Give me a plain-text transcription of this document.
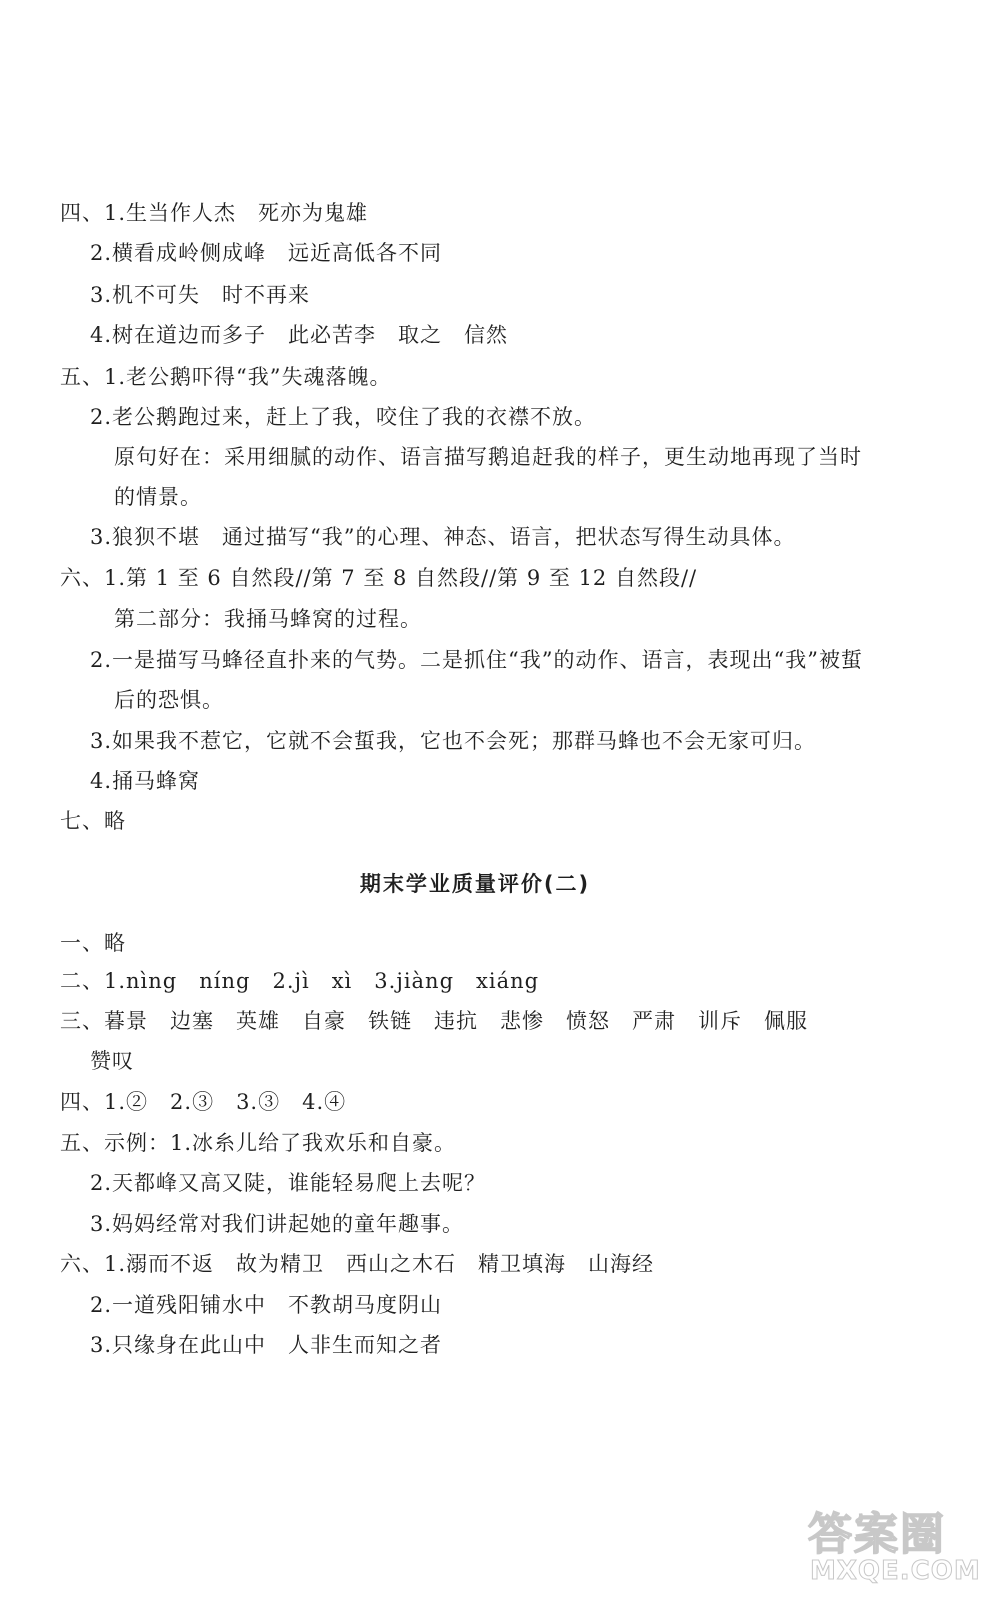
四、1.生当作人杰　死亦为鬼雄
2.横看成岭侧成峰　远近高低各不同
3.机不可失　时不再来
4.树在道边而多子　此必苦李　取之　信然
五、1.老公鹅吓得“我”失魂落魄。
2.老公鹅跑过来，赶上了我，咬住了我的衣襟不放。
原句好在：采用细腻的动作、语言描写鹅追赶我的样子，更生动地再现了当时
的情景。
3.狼狈不堪　通过描写“我”的心理、神态、语言，把状态写得生动具体。
六、1.第 1 至 6 自然段//第 7 至 8 自然段//第 9 至 12 自然段//
第二部分：我捅马蜂窝的过程。
2.一是描写马蜂径直扑来的气势。二是抓住“我”的动作、语言，表现出“我”被蜇
后的恐惧。
3.如果我不惹它，它就不会蜇我，它也不会死；那群马蜂也不会无家可归。
4.捅马蜂窝
七、略
期末学业质量评价(二)
一、略
二、1.nìng　níng　2.jì　xì　3.jiàng　xiáng
三、暮景　边塞　英雄　自豪　铁链　违抗　悲惨　愤怒　严肃　训斥　佩服
赞叹
四、1.②　2.③　3.③　4.④
五、示例：1.冰糸儿给了我欢乐和自豪。
2.天都峰又高又陡，谁能轻易爬上去呢？
3.妈妈经常对我们讲起她的童年趣事。
六、1.溺而不返　故为精卫　西山之木石　精卫填海　山海经
2.一道残阳铺水中　不教胡马度阴山
3.只缘身在此山中　人非生而知之者
答案圈
MXQE.COM
